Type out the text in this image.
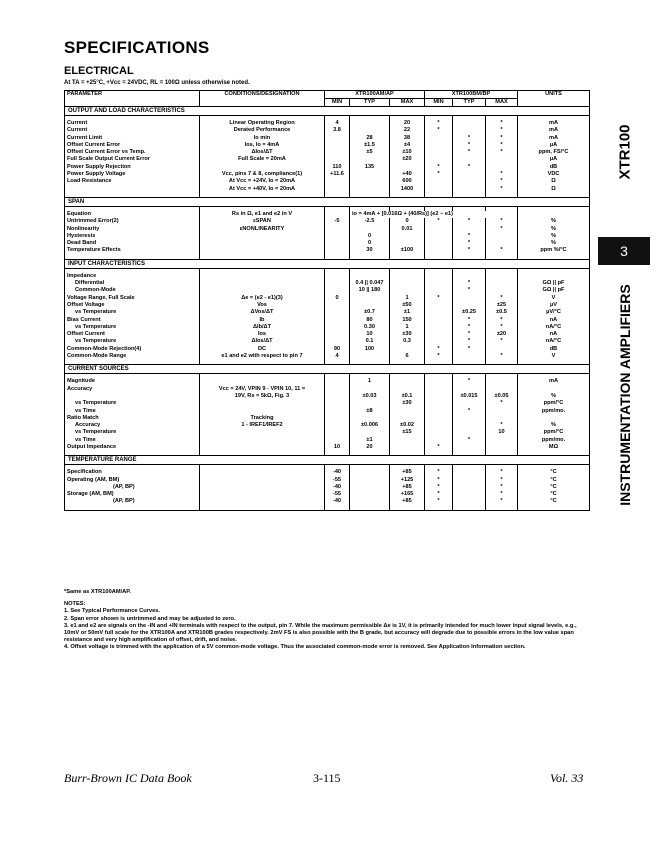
SPECIFICATIONS
ELECTRICAL
At TA = +25°C, +Vcc = 24VDC, RL = 100Ω unless otherwise noted.
PARAMETER	CONDITIONS/DESIGNATION	XTR100AM/AP			XTR100BM/BP			UNITS
		MIN	TYP	MAX	MIN	TYP	MAX	
OUTPUT AND LOAD CHARACTERISTICS								

Current	Linear Operating Region	4		20	*		*	mA
Current	Derated Performance	3.8		22	*		*	mA
Current Limit	Io min		28	38		*	*	mA
Offset Current Error	Ios, Io = 4mA		±1.5	±4		*	*	µA
Offset Current Error vs Temp.	ΔIos/ΔT		±5	±10		*	*	ppm, FS/°C
Full Scale Output Current Error	Full Scale = 20mA			±20				µA
Power Supply Rejection		110	135		*	*		dB
Power Supply Voltage	Vcc, pins 7 & 8, compliance(1)	+11.6		+40	*		*	VDC
Load Resistance	At Vcc = +24V, Io = 20mA			600			*	Ω
	At Vcc = +40V, Io = 20mA			1400			*	Ω

SPAN								

Equation	Rs in Ω, e1 and e2 in V		io = 4mA + [0.016Ω + (40/Rs)] (e2 − e1)					
Untrimmed Error(2)	εSPAN	-5	-2.5	0	*	*	*	%
Nonlinearity	εNONLINEARITY			0.01			*	%
Hysteresis			0			*		%
Dead Band			0			*		%
Temperature Effects			30	±100		*	*	ppm %/°C

INPUT CHARACTERISTICS								

Impedance								
Differential			0.4 || 0.047			*		GΩ || pF
Common-Mode			10 || 180			*		GΩ || pF
Voltage Range, Full Scale	Δe = (e2 - e1)(3)	0		1	*		*	V
Offset Voltage	Vos			±50			±25	µV
vs Temperature	ΔVos/ΔT		±0.7	±1		±0.25	±0.5	µV/°C
Bias Current	Ib		80	150		*	*	nA
vs Temperature	ΔIb/ΔT		0.30	1		*	*	nA/°C
Offset Current	Ios		10	±30		*	±20	nA
vs Temperature	ΔIos/ΔT		0.1	0.3		*	*	nA/°C
Common-Mode Rejection(4)	DC	90	100		*	*		dB
Common-Mode Range	e1 and e2 with respect to pin 7	4		6	*		*	V

CURRENT SOURCES								

Magnitude			1			*		mA
Accuracy	Vcc = 24V, VPIN 9 - VPIN 10, 11 =							
	19V, Rs = 5kΩ, Fig. 3		±0.03	±0.1		±0.015	±0.05	%
vs Temperature				±30			*	ppm/°C
vs Time			±8			*		ppm/mo.
Ratio Match	Tracking							
Accuracy	1 - IREF1/IREF2		±0.006	±0.02			*	%
vs Temperature				±15			10	ppm/°C
vs Time			±1			*		ppm/mo.
Output Impedance		10	20		*			MΩ

TEMPERATURE RANGE								

Specification		-40		+85	*		*	°C
Operating (AM, BM)		-55		+125	*		*	°C
(AP, BP)		-40		+85	*		*	°C
Storage (AM, BM)		-55		+165	*		*	°C
(AP, BP)		-40		+85	*		*	°C

*Same as XTR100AM/AP.
NOTES:
1. See Typical Performance Curves.
2. Span error shown is untrimmed and may be adjusted to zero.
3. e1 and e2 are signals on the -IN and +IN terminals with respect to the output, pin 7. While the maximum permissible Δe is 1V, it is primarily intended for much lower input signal levels, e.g., 10mV or 50mV full scale for the XTR100A and XTR100B grades respectively. 2mV FS is also possible with the B grade, but accuracy will degrade due to possible errors in the low value span resistance and very high amplification of offset, drift, and noise.
4. Offset voltage is trimmed with the application of a 5V common-mode voltage. Thus the associated common-mode error is removed. See Application Information section.
Burr-Brown IC Data Book	3-115	Vol. 33
XTR100
3
INSTRUMENTATION AMPLIFIERS
